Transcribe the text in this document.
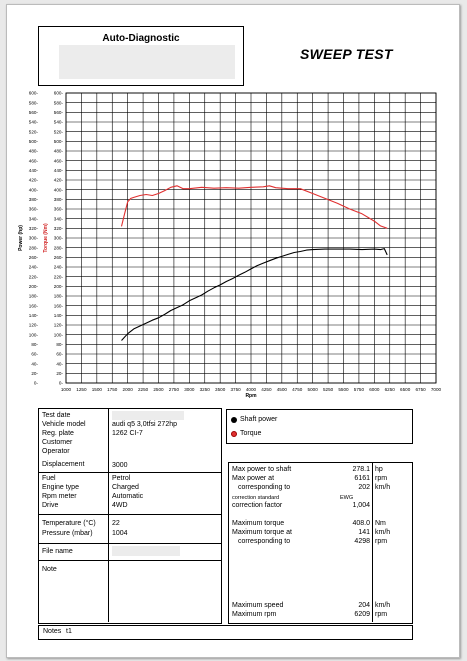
Auto-Diagnostic
SWEEP TEST
0-	0-
20-	20-
40-	40-
60-	60-
80-	80-
100-	100-
120-	120-
140-	140-
160-	160-
180-	180-
200-	200-
220-	220-
240-	240-
260-	260-
280-	280-
300-	300-
320-	320-
340-	340-
360-	360-
380-	380-
400-	400-
420-	420-
440-	440-
460-	460-
480-	480-
500-	500-
520-	520-
540-	540-
560-	560-
580-	580-
600-	600-
1000 1250 1500 1750 2000 2250 2500 2750 3000 3250 3500 3750 4000 4250 4500 4750 5000 5250 5500 5750 6000 6250 6500 6750 7000
Rpm
Power (hp)	Torque (Nm)
Shaft power
Torque
Test date
Vehicle model	audi q5 3,0tfsi 272hp
Reg. plate	1262 CI-7
Customer
Operator
Displacement	3000
Fuel	Petrol
Engine type	Charged
Rpm meter	Automatic
Drive	4WD
Temperature (°C) 22
Pressure (mbar)	1004
File name
Note
Max power to shaft	278.1 hp
Max power at	6161 rpm
corresponding to	202 km/h
correction standard	EWG
correction factor	1,004
Maximum torque	408.0 Nm
Maximum torque at	141 km/h
corresponding to	4298 rpm
Maximum speed	204 km/h
Maximum rpm	6209 rpm
Notes t1
